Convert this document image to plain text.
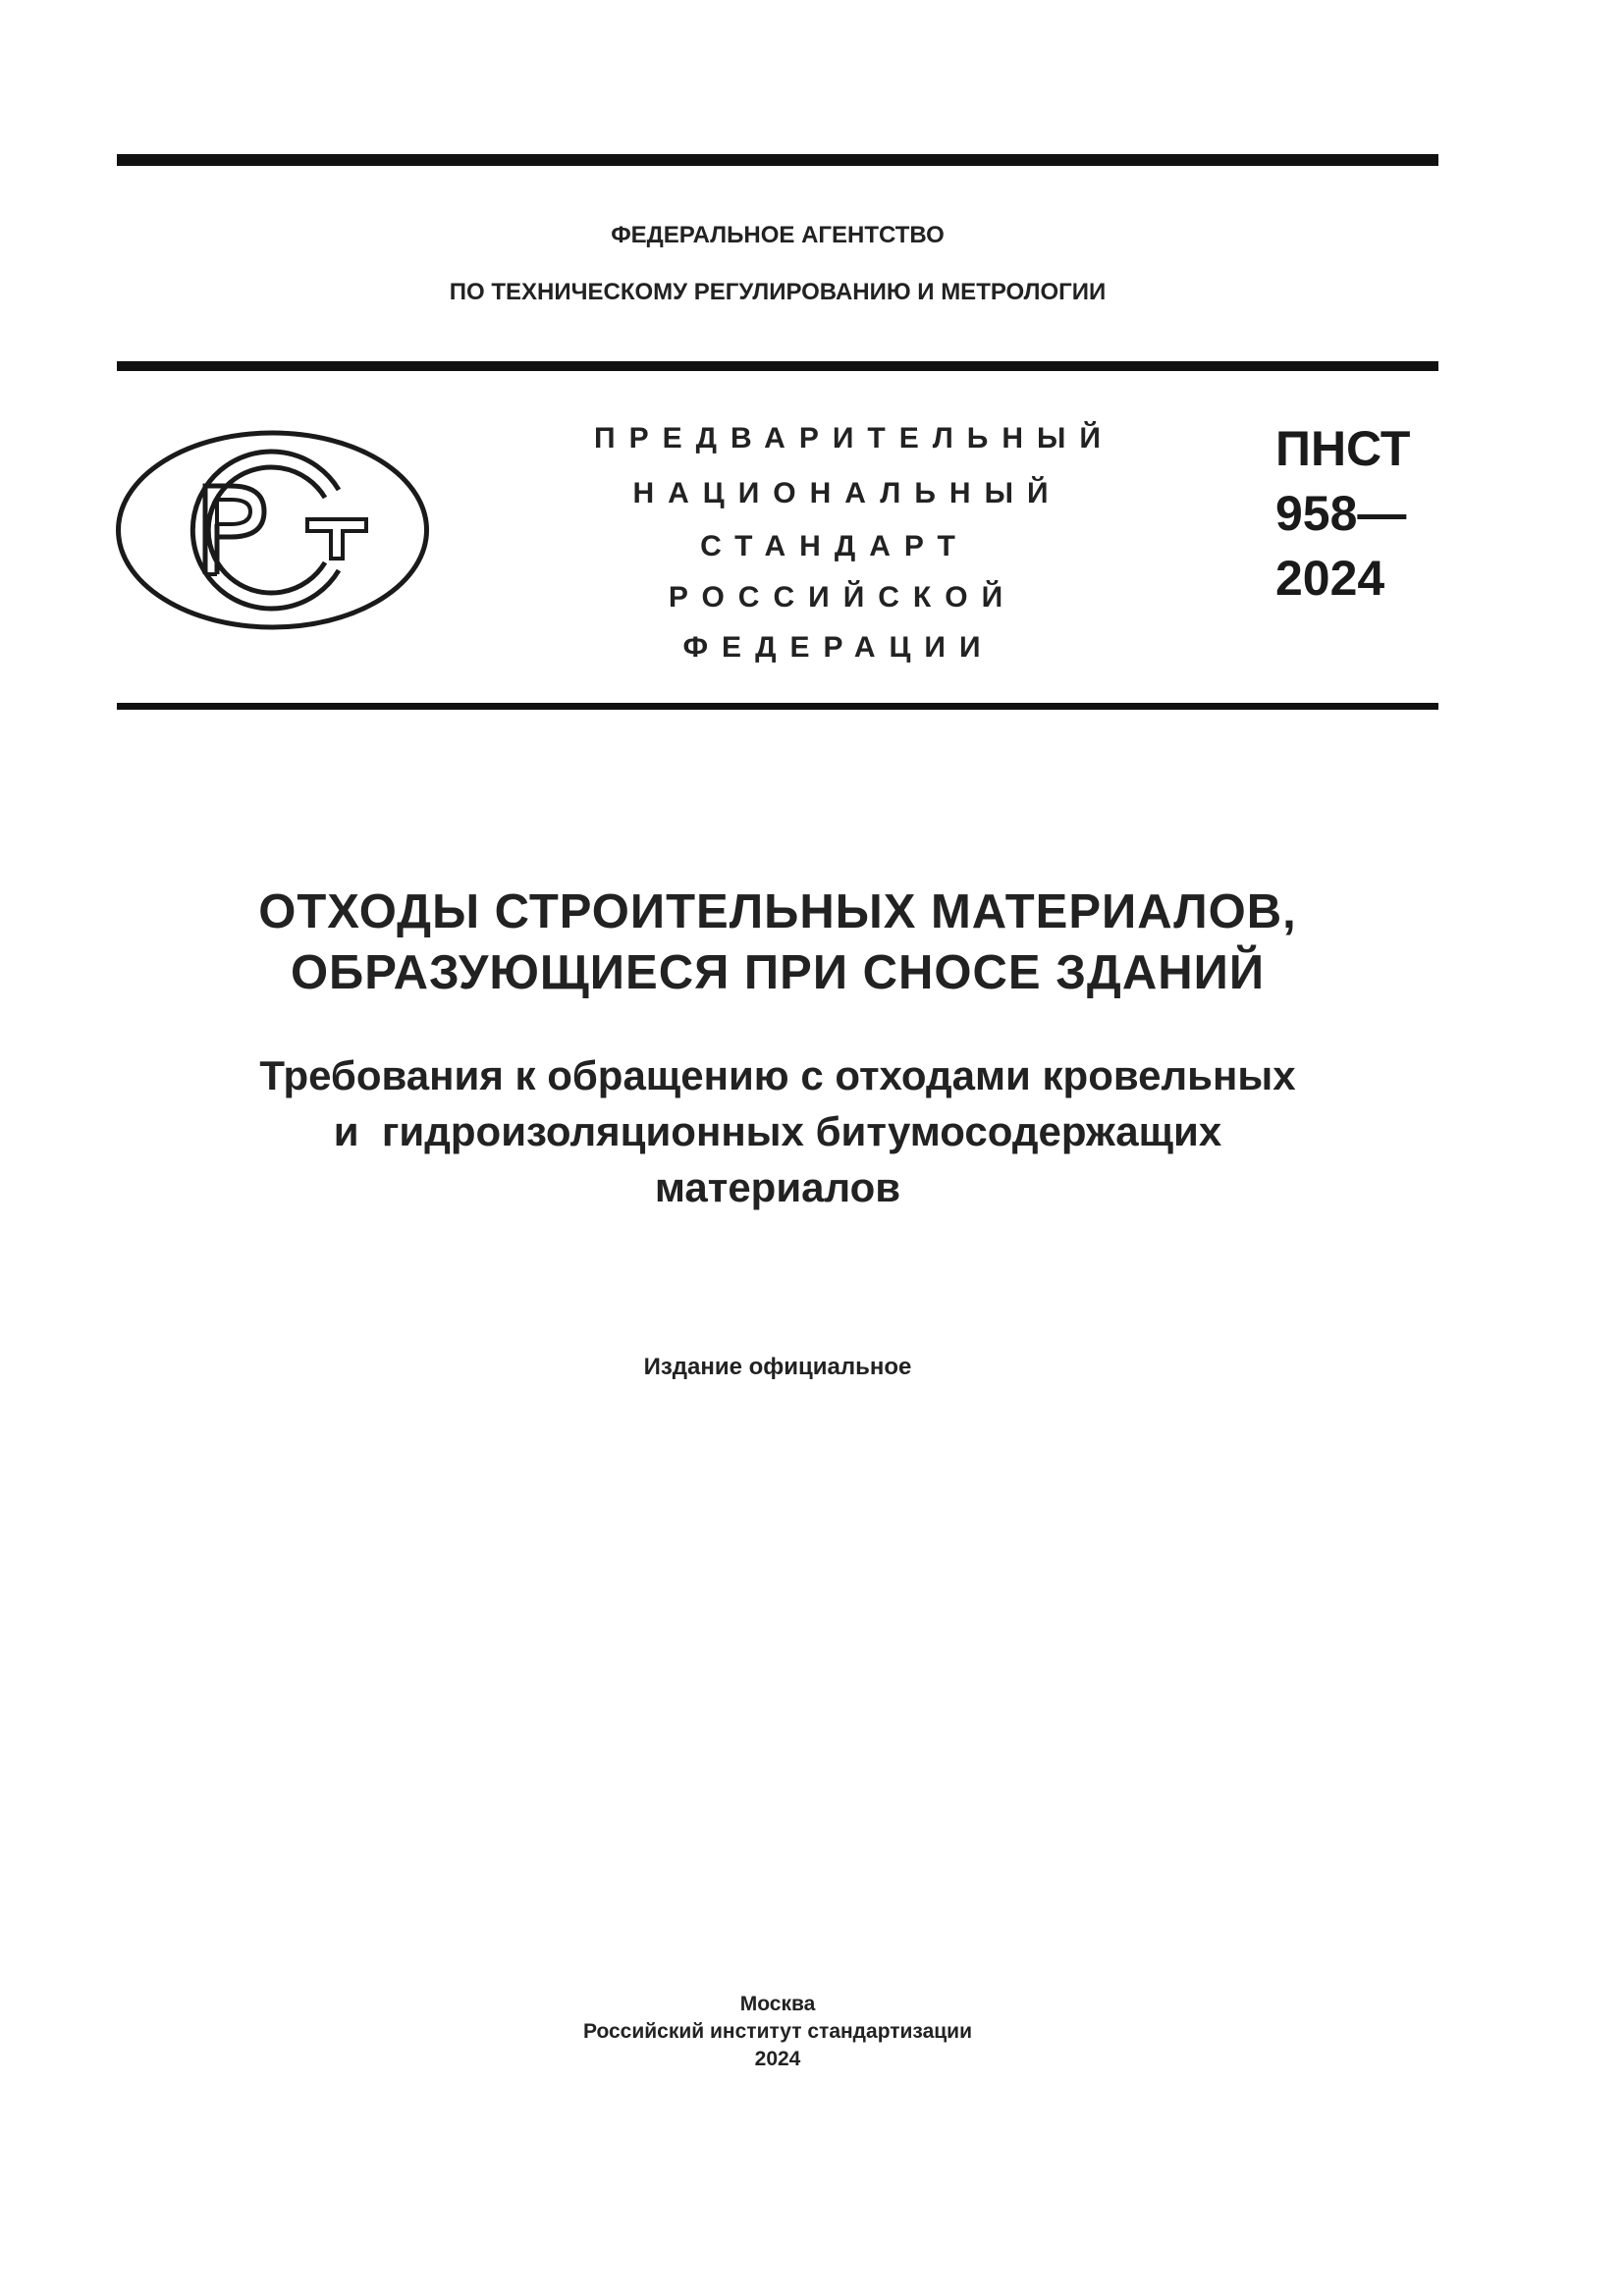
ФЕДЕРАЛЬНОЕ АГЕНТСТВО
ПО ТЕХНИЧЕСКОМУ РЕГУЛИРОВАНИЮ И МЕТРОЛОГИИ
ПРЕДВАРИТЕЛЬНЫЙ
НАЦИОНАЛЬНЫЙ
СТАНДАРТ
РОССИЙСКОЙ
ФЕДЕРАЦИИ
ПНСТ
958—
2024
ОТХОДЫ СТРОИТЕЛЬНЫХ МАТЕРИАЛОВ,
ОБРАЗУЮЩИЕСЯ ПРИ СНОСЕ ЗДАНИЙ
Требования к обращению с отходами кровельных
и  гидроизоляционных битумосодержащих
материалов
Издание официальное
Москва
Российский институт стандартизации
2024
